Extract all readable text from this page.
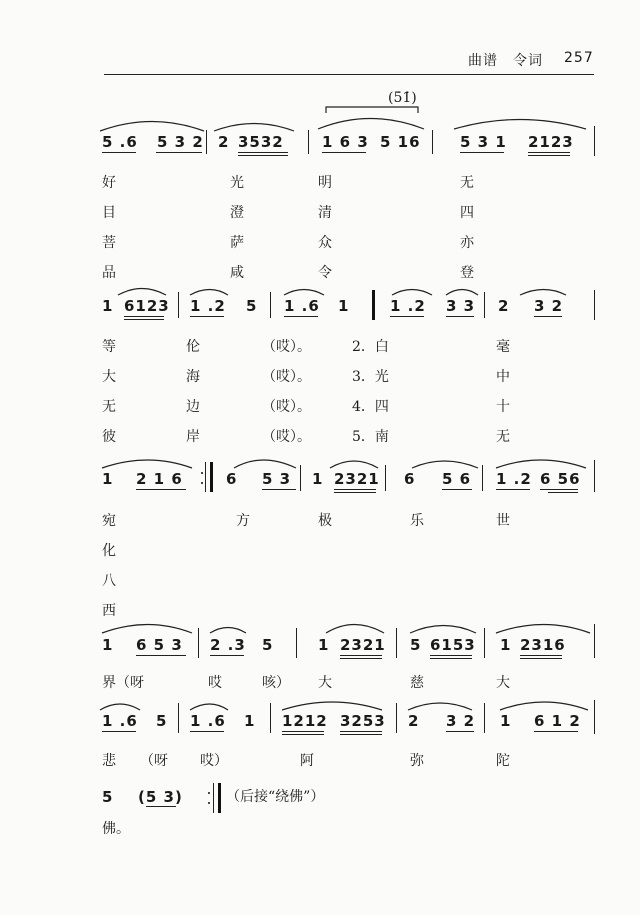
曲谱　令词 257
(5̇1̇)
5 .6 5 3 2 2 3532	1 6 3 5 16	5 3 1 2123
好	光	明	无
目	澄	清	四
菩	萨	众	亦
品	咸	令	登
1 6123 1 .2 5 1 .6 1	1 .2 3 3 2 3 2
等	伦	（哎）。	2．白	毫
大	海	（哎）。	3．光	中
无	边	（哎）。	4．四	十
彼	岸	（哎）。	5．南	无
1 2 1 6	6 5 3 1 2321 6 5 6 1 .2 6 56
宛	方	极	乐	世
化
八
西
1 6 5 3 2 .3 5	1 2321 5 6153 1 2316
界（呀	哎	咳） 大	慈	大
1 .6 5 1 .6 1 1212 3253 2 3 2 1 6 1 2
悲 （呀 哎）	阿	弥	陀
5 (5 3)	（后接“绕佛”）
佛。
